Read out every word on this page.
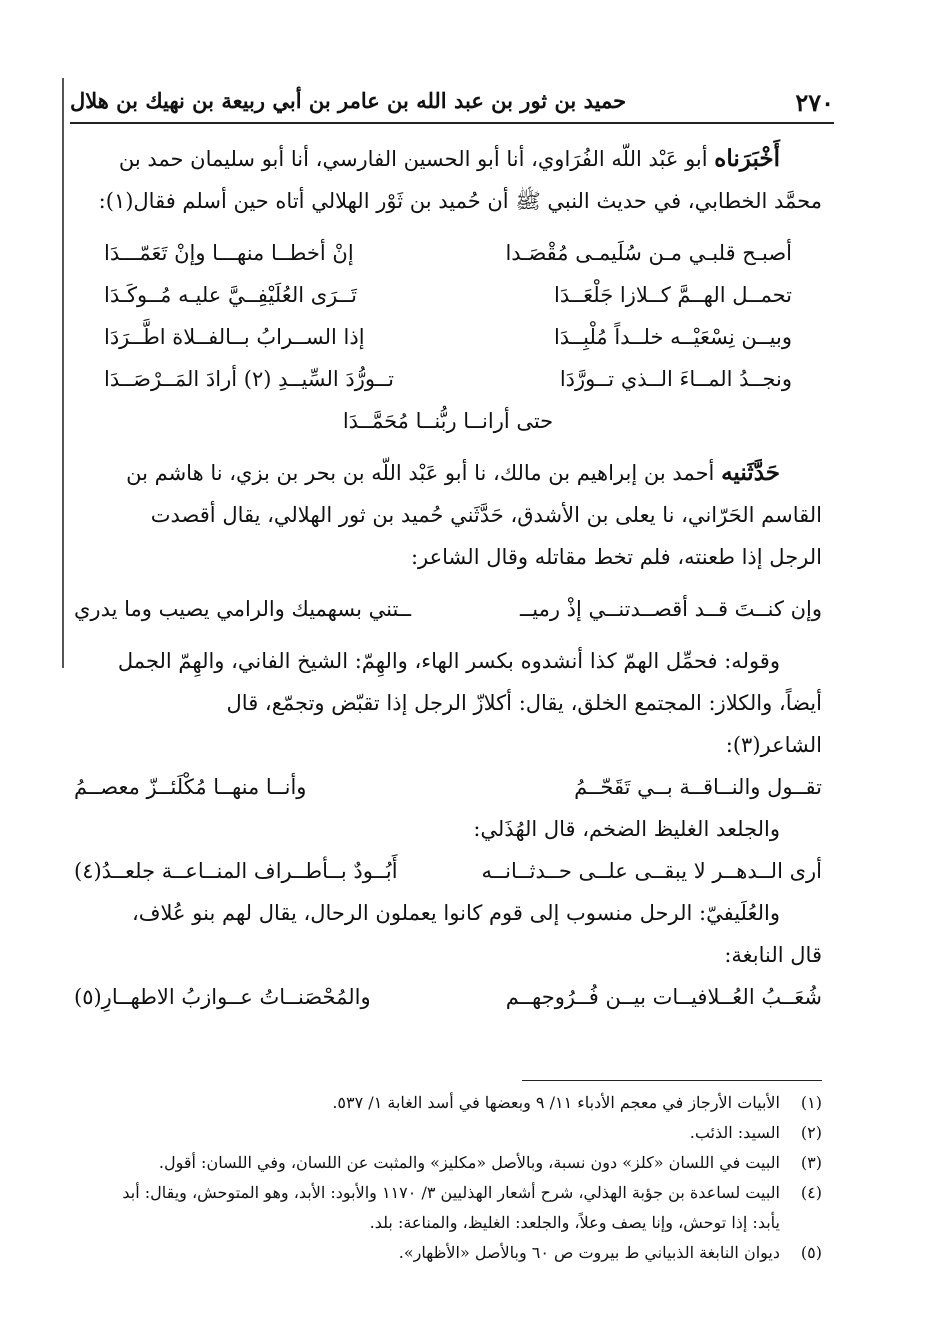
٢٧٠
حميد بن ثور بن عبد الله بن عامر بن أبي ربيعة بن نهيك بن هلال

  أَخْبَرَناه أبو عَبْد اللّه الفُرَاوي، أنا أبو الحسين الفارسي، أنا أبو سليمان حمد بن

محمَّد الخطابي، في حديث النبي ﷺ أن حُميد بن ثَوْر الهلالي أتاه حين أسلم فقال(١):

أصبـح قلبـي مـن سُلَيمـى مُقْصَـدا
إنْ أخطــا منهـــا وإنْ تَعَمّـــدَا
تحمــل الهــمَّ كــلازا جَلْعَــدَا
تَــرَى العُلَيْفِــيَّ عليـه مُــوكَـدَا
وبيــن نِسْعَيْــه خلــداً مُلْبِــدَا
إذا الســرابُ بــالفــلاة اطَّــرَدَا
ونجــدُ المــاءَ الــذي تــورَّدَا
تــورُّدَ السِّيــدِ (٢) أرادَ المَــرْصَــدَا
حتى أرانــا ربُّنــا مُحَمَّــدَا

  حَدَّثَنيه أحمد بن إبراهيم بن مالك، نا أبو عَبْد اللّه بن بحر بن بزي، نا هاشم بن

القاسم الحَرّاني، نا يعلى بن الأشدق، حَدَّثَني حُميد بن ثور الهلالي، يقال أقصدت

الرجل إذا طعنته، فلم تخط مقاتله وقال الشاعر:

وإن كنــتَ قــد أقصــدتنــي إذْ رميــ
ــتني بسهميك والرامي يصيب وما يدري

  وقوله: فحمِّل الهمّ كذا أنشدوه بكسر الهاء، والهِمّ: الشيخ الفاني، والهِمّ الجمل

أيضاً، والكلاز: المجتمع الخلق، يقال: أكلازّ الرجل إذا تقبّض وتجمّع، قال

الشاعر(٣):

تقــول والنــاقــة بــي تَقَحّــمُ
وأنــا منهــا مُكْلَئــزّ معصــمُ

  والجلعد الغليظ الضخم، قال الهُذَلي:

أرى الــدهــر لا يبقــى علــى حــدثــانــه
أَبُــودٌ بــأطــراف المنــاعــة جلعــدُ(٤)

  والعُلَيفيّ: الرحل منسوب إلى قوم كانوا يعملون الرحال، يقال لهم بنو عُلاف،

قال النابغة:

شُعَــبُ العُــلافيــات بيــن فُــرُوجهــم
والمُحْصَنــاتُ عــوازبُ الاطهــارِ(٥)
(١)
الأبيات الأرجاز في معجم الأدباء ١١/ ٩ وبعضها في أسد الغابة ١/ ٥٣٧.
(٢)
السيد: الذئب.
(٣)
البيت في اللسان «كلز» دون نسبة، وبالأصل «مكليز» والمثبت عن اللسان، وفي اللسان: أقول.
(٤)
البيت لساعدة بن جؤبة الهذلي، شرح أشعار الهذليين ٣/ ١١٧٠ والأبود: الأبد، وهو المتوحش، ويقال: أبد يأبد: إذا توحش، وإنا يصف وعلاً، والجلعد: الغليظ، والمناعة: بلد.
(٥)
ديوان النابغة الذبياني ط بيروت ص ٦٠ وبالأصل «الأظهار».
